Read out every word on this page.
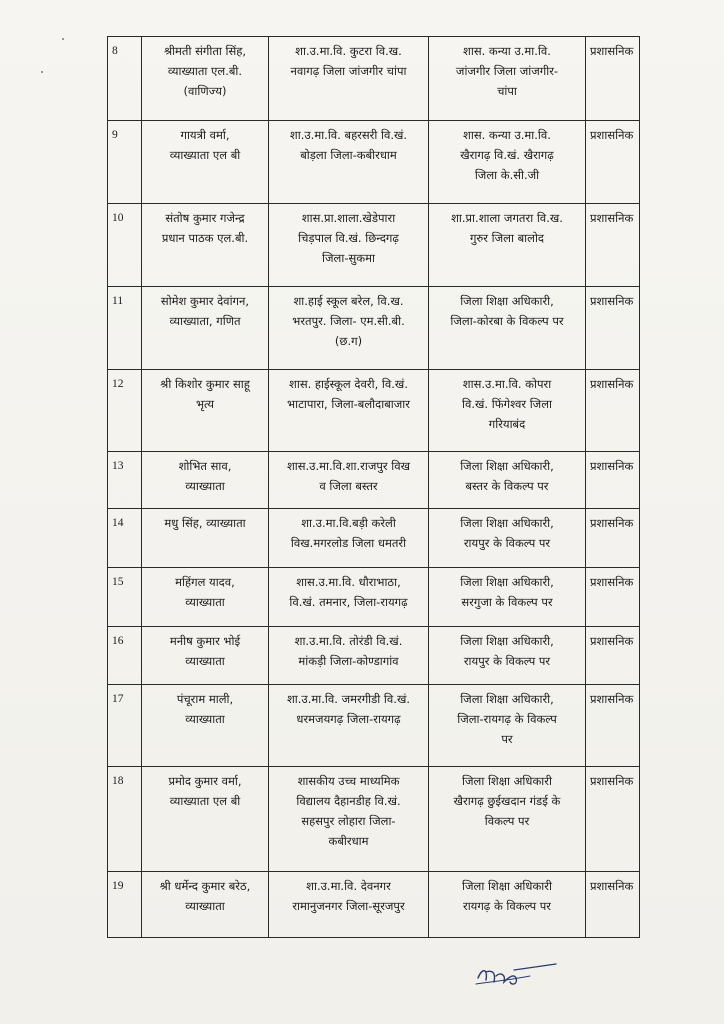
8	श्रीमती संगीता सिंह,
व्याख्याता एल.बी.
(वाणिज्य)	शा.उ.मा.वि. कुटरा वि.ख.
नवागढ़ जिला जांजगीर चांपा	शास. कन्या उ.मा.वि.
जांजगीर जिला जांजगीर-
चांपा	प्रशासनिक
9	गायत्री वर्मा,
व्याख्याता एल बी	शा.उ.मा.वि. बहरसरी वि.खं.
बोड़ला जिला-कबीरधाम	शास. कन्या उ.मा.वि.
खैरागढ़ वि.खं. खैरागढ़
जिला के.सी.जी	प्रशासनिक
10	संतोष कुमार गजेन्द्र
प्रधान पाठक एल.बी.	शास.प्रा.शाला.खेडेपारा
चिड़पाल वि.खं. छिन्दगढ़
जिला-सुकमा	शा.प्रा.शाला जगतरा वि.ख.
गुरुर जिला बालोद	प्रशासनिक
11	सोमेश कुमार देवांगन,
व्याख्याता, गणित	शा.हाई स्कूल बरेल, वि.ख.
भरतपुर. जिला- एम.सी.बी.
(छ.ग)	जिला शिक्षा अधिकारी,
जिला-कोरबा के विकल्प पर	प्रशासनिक
12	श्री किशोर कुमार साहू
भृत्य	शास. हाईस्कूल देवरी, वि.खं.
भाटापारा, जिला-बलौदाबाजार	शास.उ.मा.वि. कोपरा
वि.खं. फिंगेश्वर जिला
गरियाबंद	प्रशासनिक
13	शोभित साव,
व्याख्याता	शास.उ.मा.वि.शा.राजपुर विख
व जिला बस्तर	जिला शिक्षा अधिकारी,
बस्तर के विकल्प पर	प्रशासनिक
14	मधु सिंह, व्याख्याता	शा.उ.मा.वि.बड़ी करेली
विख.मगरलोड जिला धमतरी	जिला शिक्षा अधिकारी,
रायपुर के विकल्प पर	प्रशासनिक
15	महिंगल यादव,
व्याख्याता	शास.उ.मा.वि. धौराभाठा,
वि.खं. तमनार, जिला-रायगढ़	जिला शिक्षा अधिकारी,
सरगुजा के विकल्प पर	प्रशासनिक
16	मनीष कुमार भोई
व्याख्याता	शा.उ.मा.वि. तोरंडी वि.खं.
मांकड़ी जिला-कोण्डागांव	जिला शिक्षा अधिकारी,
रायपुर के विकल्प पर	प्रशासनिक
17	पंचूराम माली,
व्याख्याता	शा.उ.मा.वि. जमरगीडी वि.खं.
धरमजयगढ़ जिला-रायगढ़	जिला शिक्षा अधिकारी,
जिला-रायगढ़ के विकल्प
पर	प्रशासनिक
18	प्रमोद कुमार वर्मा,
व्याख्याता एल बी	शासकीय उच्च माध्यमिक
विद्यालय दैहानडीह वि.खं.
सहसपुर लोहारा जिला-
कबीरधाम	जिला शिक्षा अधिकारी
खैरागढ़ छुईखदान गंडई के
विकल्प पर	प्रशासनिक
19	श्री धर्मेन्द कुमार बरेठ,
व्याख्याता	शा.उ.मा.वि. देवनगर
रामानुजनगर जिला-सूरजपुर	जिला शिक्षा अधिकारी
रायगढ़ के विकल्प पर	प्रशासनिक
